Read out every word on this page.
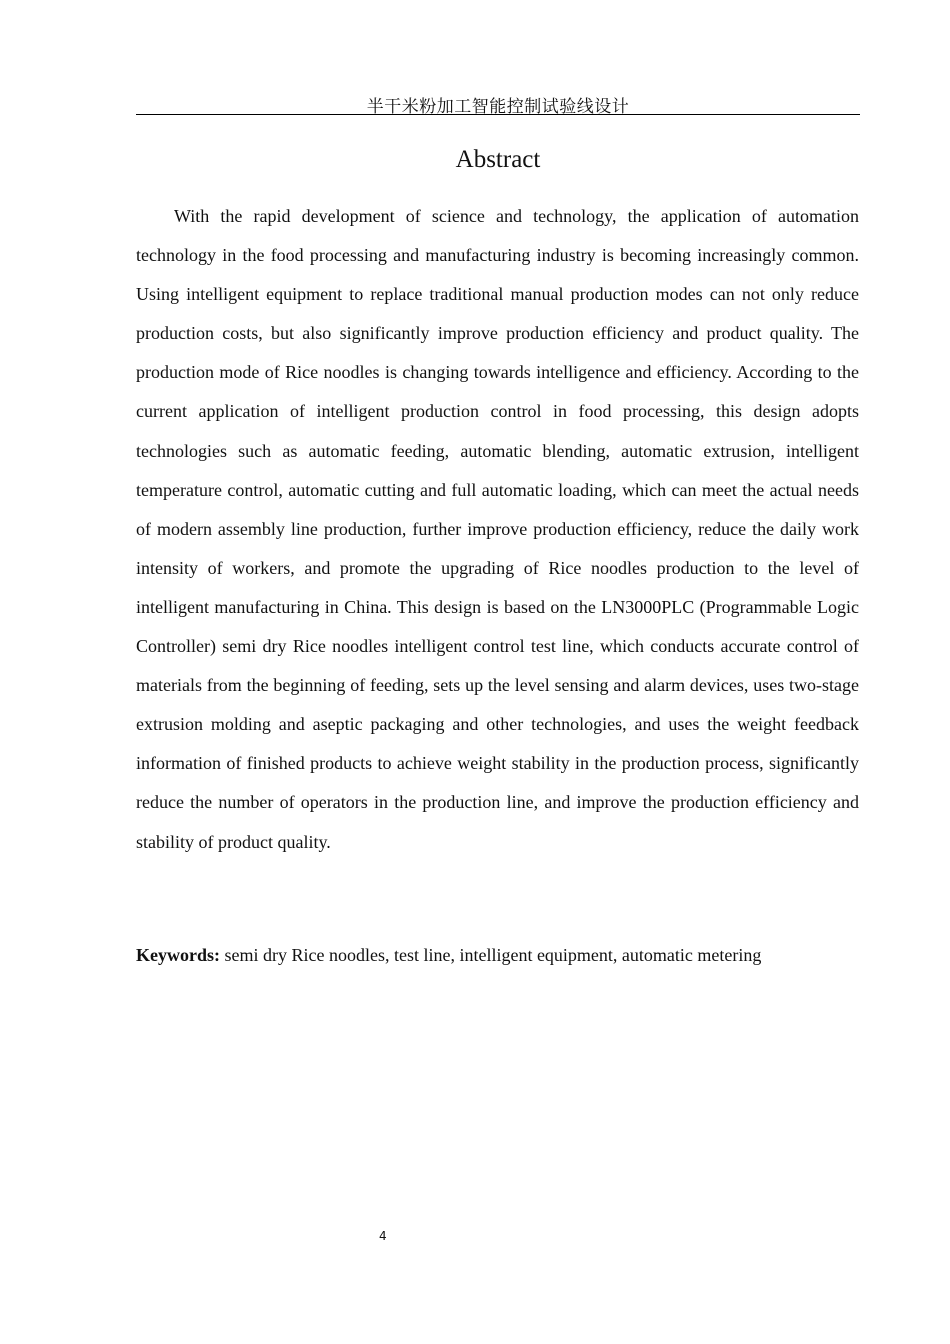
半干米粉加工智能控制试验线设计
Abstract

With the rapid development of science and technology, the application of automation technology in the food processing and manufacturing industry is becoming increasingly common. Using intelligent equipment to replace traditional manual production modes can not only reduce production costs, but also significantly improve production efficiency and product quality. The production mode of Rice noodles is changing towards intelligence and efficiency. According to the current application of intelligent production control in food processing, this design adopts technologies such as automatic feeding, automatic blending, automatic extrusion, intelligent temperature control, automatic cutting and full automatic loading, which can meet the actual needs of modern assembly line production, further improve production efficiency, reduce the daily work intensity of workers, and promote the upgrading of Rice noodles production to the level of intelligent manufacturing in China. This design is based on the LN3000PLC (Programmable Logic Controller) semi dry Rice noodles intelligent control test line, which conducts accurate control of materials from the beginning of feeding, sets up the level sensing and alarm devices, uses two-stage extrusion molding and aseptic packaging and other technologies, and uses the weight feedback information of finished products to achieve weight stability in the production process, significantly reduce the number of operators in the production line, and improve the production efficiency and stability of product quality.

Keywords: semi dry Rice noodles, test line, intelligent equipment, automatic metering

4
